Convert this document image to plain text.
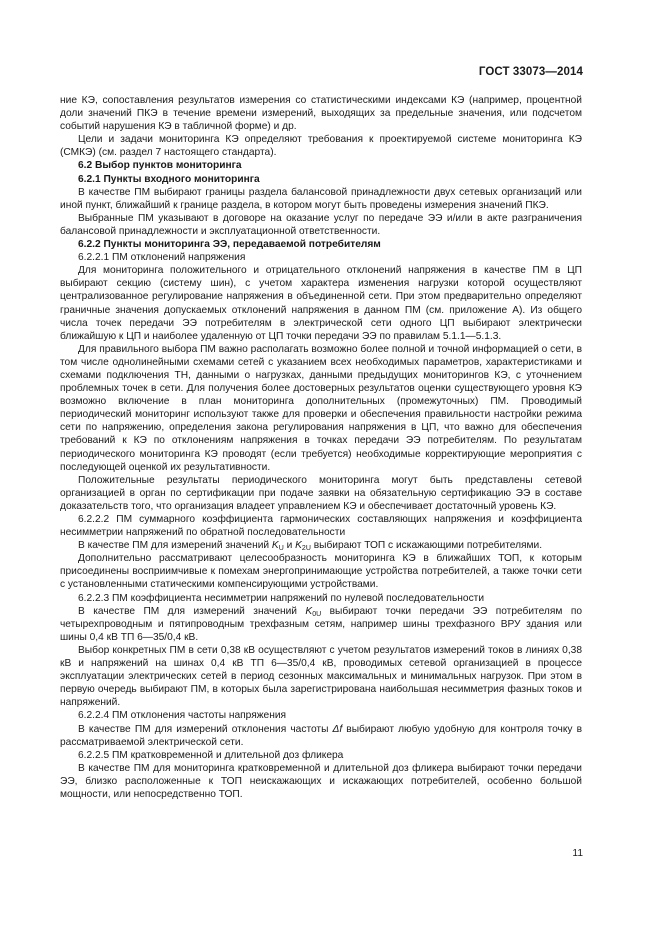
ГОСТ 33073—2014

ние КЭ, сопоставления результатов измерения со статистическими индексами КЭ (например, процентной доли значений ПКЭ в течение времени измерений, выходящих за предельные значения, или подсчетом событий нарушения КЭ в табличной форме) и др.

Цели и задачи мониторинга КЭ определяют требования к проектируемой системе мониторинга КЭ (СМКЭ) (см. раздел 7 настоящего стандарта).

6.2 Выбор пунктов мониторинга
6.2.1 Пункты входного мониторинга

В качестве ПМ выбирают границы раздела балансовой принадлежности двух сетевых организаций или иной пункт, ближайший к границе раздела, в котором могут быть проведены измерения значений ПКЭ.

Выбранные ПМ указывают в договоре на оказание услуг по передаче ЭЭ и/или в акте разграничения балансовой принадлежности и эксплуатационной ответственности.

6.2.2 Пункты мониторинга ЭЭ, передаваемой потребителям

6.2.2.1 ПМ отклонений напряжения

Для мониторинга положительного и отрицательного отклонений напряжения в качестве ПМ в ЦП выбирают секцию (систему шин), с учетом характера изменения нагрузки которой осуществляют централизованное регулирование напряжения в объединенной сети. При этом предварительно определяют граничные значения допускаемых отклонений напряжения в данном ПМ (см. приложение А). Из общего числа точек передачи ЭЭ потребителям в электрической сети одного ЦП выбирают электрически ближайшую к ЦП и наиболее удаленную от ЦП точки передачи ЭЭ по правилам 5.1.1—5.1.3.

Для правильного выбора ПМ важно располагать возможно более полной и точной информацией о сети, в том числе однолинейными схемами сетей с указанием всех необходимых параметров, характеристиками и схемами подключения ТН, данными о нагрузках, данными предыдущих мониторингов КЭ, с уточнением проблемных точек в сети. Для получения более достоверных результатов оценки существующего уровня КЭ возможно включение в план мониторинга дополнительных (промежуточных) ПМ. Проводимый периодический мониторинг используют также для проверки и обеспечения правильности настройки режима сети по напряжению, определения закона регулирования напряжения в ЦП, что важно для обеспечения требований к КЭ по отклонениям напряжения в точках передачи ЭЭ потребителям. По результатам периодического мониторинга КЭ проводят (если требуется) необходимые корректирующие мероприятия с последующей оценкой их результативности.

Положительные результаты периодического мониторинга могут быть представлены сетевой организацией в орган по сертификации при подаче заявки на обязательную сертификацию ЭЭ в составе доказательств того, что организация владеет управлением КЭ и обеспечивает достаточный уровень КЭ.

6.2.2.2 ПМ суммарного коэффициента гармонических составляющих напряжения и коэффициента несимметрии напряжений по обратной последовательности

В качестве ПМ для измерений значений $K_U$ и $K_{2U}$ выбирают ТОП с искажающими потребителями.

Дополнительно рассматривают целесообразность мониторинга КЭ в ближайших ТОП, к которым присоединены восприимчивые к помехам энергопринимающие устройства потребителей, а также точки сети с установленными статическими компенсирующими устройствами.

6.2.2.3 ПМ коэффициента несимметрии напряжений по нулевой последовательности

В качестве ПМ для измерений значений $K_{0U}$ выбирают точки передачи ЭЭ потребителям по четырехпроводным и пятипроводным трехфазным сетям, например шины трехфазного ВРУ здания или шины 0,4 кВ ТП 6—35/0,4 кВ.

Выбор конкретных ПМ в сети 0,38 кВ осуществляют с учетом результатов измерений токов в линиях 0,38 кВ и напряжений на шинах 0,4 кВ ТП 6—35/0,4 кВ, проводимых сетевой организацией в процессе эксплуатации электрических сетей в период сезонных максимальных и минимальных нагрузок. При этом в первую очередь выбирают ПМ, в которых была зарегистрирована наибольшая несимметрия фазных токов и напряжений.

6.2.2.4 ПМ отклонения частоты напряжения

В качестве ПМ для измерений отклонения частоты Δf выбирают любую удобную для контроля точку в рассматриваемой электрической сети.

6.2.2.5 ПМ кратковременной и длительной доз фликера

В качестве ПМ для мониторинга кратковременной и длительной доз фликера выбирают точки передачи ЭЭ, близко расположенные к ТОП неискажающих и искажающих потребителей, особенно большой мощности, или непосредственно ТОП.

11
